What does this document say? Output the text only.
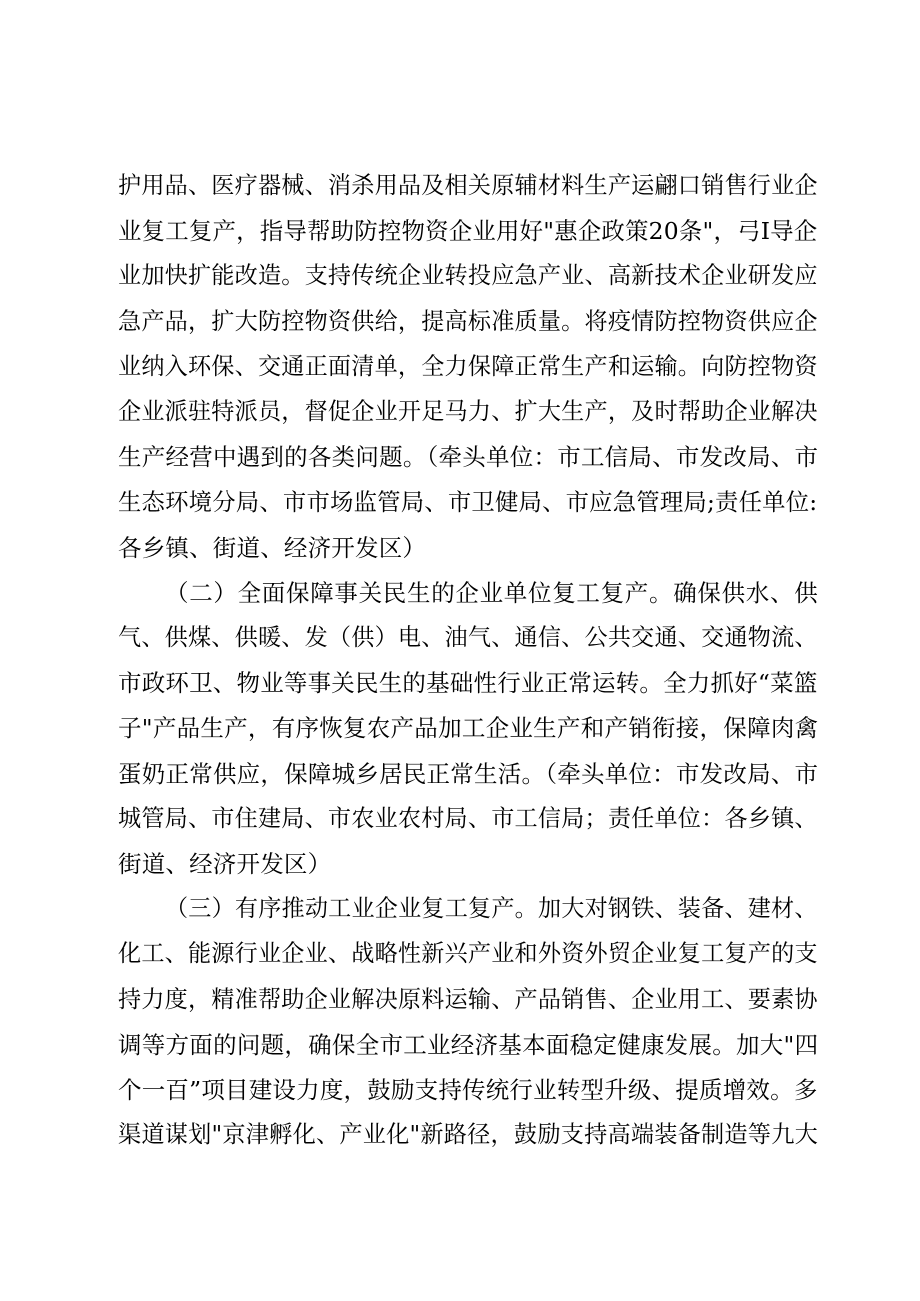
护用品、医疗器械、消杀用品及相关原辅材料生产运翩口销售行业企
业复工复产，指导帮助防控物资企业用好"惠企政策20条"，弓I导企
业加快扩能改造。支持传统企业转投应急产业、高新技术企业研发应
急产品，扩大防控物资供给，提高标准质量。将疫情防控物资供应企
业纳入环保、交通正面清单，全力保障正常生产和运输。向防控物资
企业派驻特派员，督促企业开足马力、扩大生产，及时帮助企业解决
生产经营中遇到的各类问题。（牵头单位：市工信局、市发改局、市
生态环境分局、市市场监管局、市卫健局、市应急管理局;责任单位:
各乡镇、街道、经济开发区）
（二）全面保障事关民生的企业单位复工复产。确保供水、供
气、供煤、供暖、发（供）电、油气、通信、公共交通、交通物流、
市政环卫、物业等事关民生的基础性行业正常运转。全力抓好“菜篮
子"产品生产，有序恢复农产品加工企业生产和产销衔接，保障肉禽
蛋奶正常供应，保障城乡居民正常生活。（牵头单位：市发改局、市
城管局、市住建局、市农业农村局、市工信局；责任单位：各乡镇、
街道、经济开发区）
（三）有序推动工业企业复工复产。加大对钢铁、装备、建材、
化工、能源行业企业、战略性新兴产业和外资外贸企业复工复产的支
持力度，精准帮助企业解决原料运输、产品销售、企业用工、要素协
调等方面的问题，确保全市工业经济基本面稳定健康发展。加大"四
个一百”项目建设力度，鼓励支持传统行业转型升级、提质增效。多
渠道谋划"京津孵化、产业化"新路径，鼓励支持高端装备制造等九大
